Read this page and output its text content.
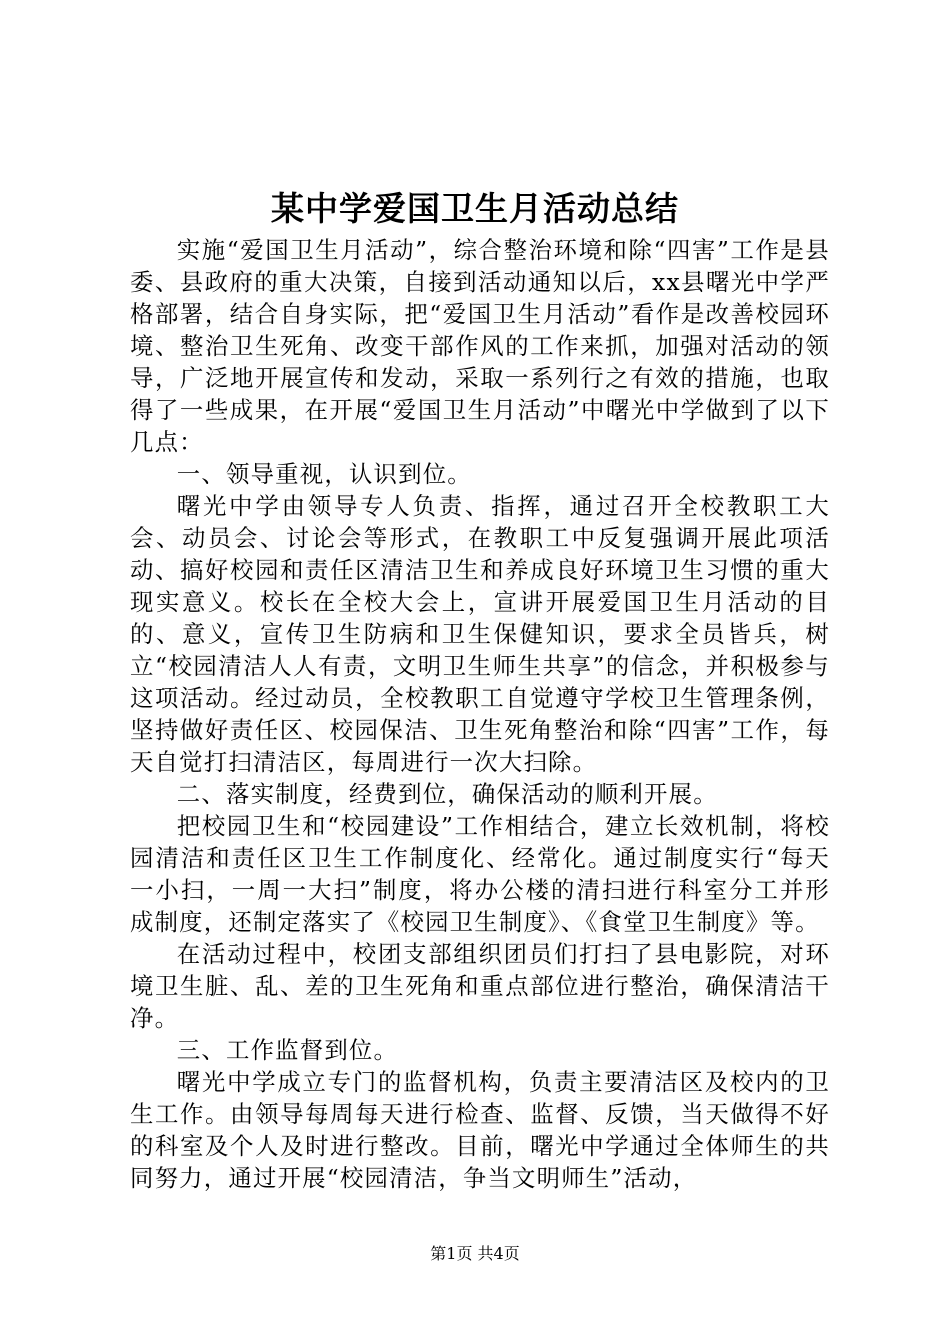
某中学爱国卫生月活动总结

实施“爱国卫生月活动”，综合整治环境和除“四害”工作是县委、县政府的重大决策，自接到活动通知以后，xx县曙光中学严格部署，结合自身实际，把“爱国卫生月活动”看作是改善校园环境、整治卫生死角、改变干部作风的工作来抓，加强对活动的领导，广泛地开展宣传和发动，采取一系列行之有效的措施，也取得了一些成果，在开展“爱国卫生月活动”中曙光中学做到了以下几点：

一、领导重视，认识到位。

曙光中学由领导专人负责、指挥，通过召开全校教职工大会、动员会、讨论会等形式，在教职工中反复强调开展此项活动、搞好校园和责任区清洁卫生和养成良好环境卫生习惯的重大现实意义。校长在全校大会上，宣讲开展爱国卫生月活动的目的、意义，宣传卫生防病和卫生保健知识，要求全员皆兵，树立“校园清洁人人有责，文明卫生师生共享”的信念，并积极参与这项活动。经过动员，全校教职工自觉遵守学校卫生管理条例，坚持做好责任区、校园保洁、卫生死角整治和除“四害”工作，每天自觉打扫清洁区，每周进行一次大扫除。

二、落实制度，经费到位，确保活动的顺利开展。

把校园卫生和“校园建设”工作相结合，建立长效机制，将校园清洁和责任区卫生工作制度化、经常化。通过制度实行“每天一小扫，一周一大扫”制度，将办公楼的清扫进行科室分工并形成制度，还制定落实了《校园卫生制度》、《食堂卫生制度》等。

在活动过程中，校团支部组织团员们打扫了县电影院，对环境卫生脏、乱、差的卫生死角和重点部位进行整治，确保清洁干净。

三、工作监督到位。

曙光中学成立专门的监督机构，负责主要清洁区及校内的卫生工作。由领导每周每天进行检查、监督、反馈，当天做得不好的科室及个人及时进行整改。目前，曙光中学通过全体师生的共同努力，通过开展“校园清洁，争当文明师生”活动，

第1页 共4页
